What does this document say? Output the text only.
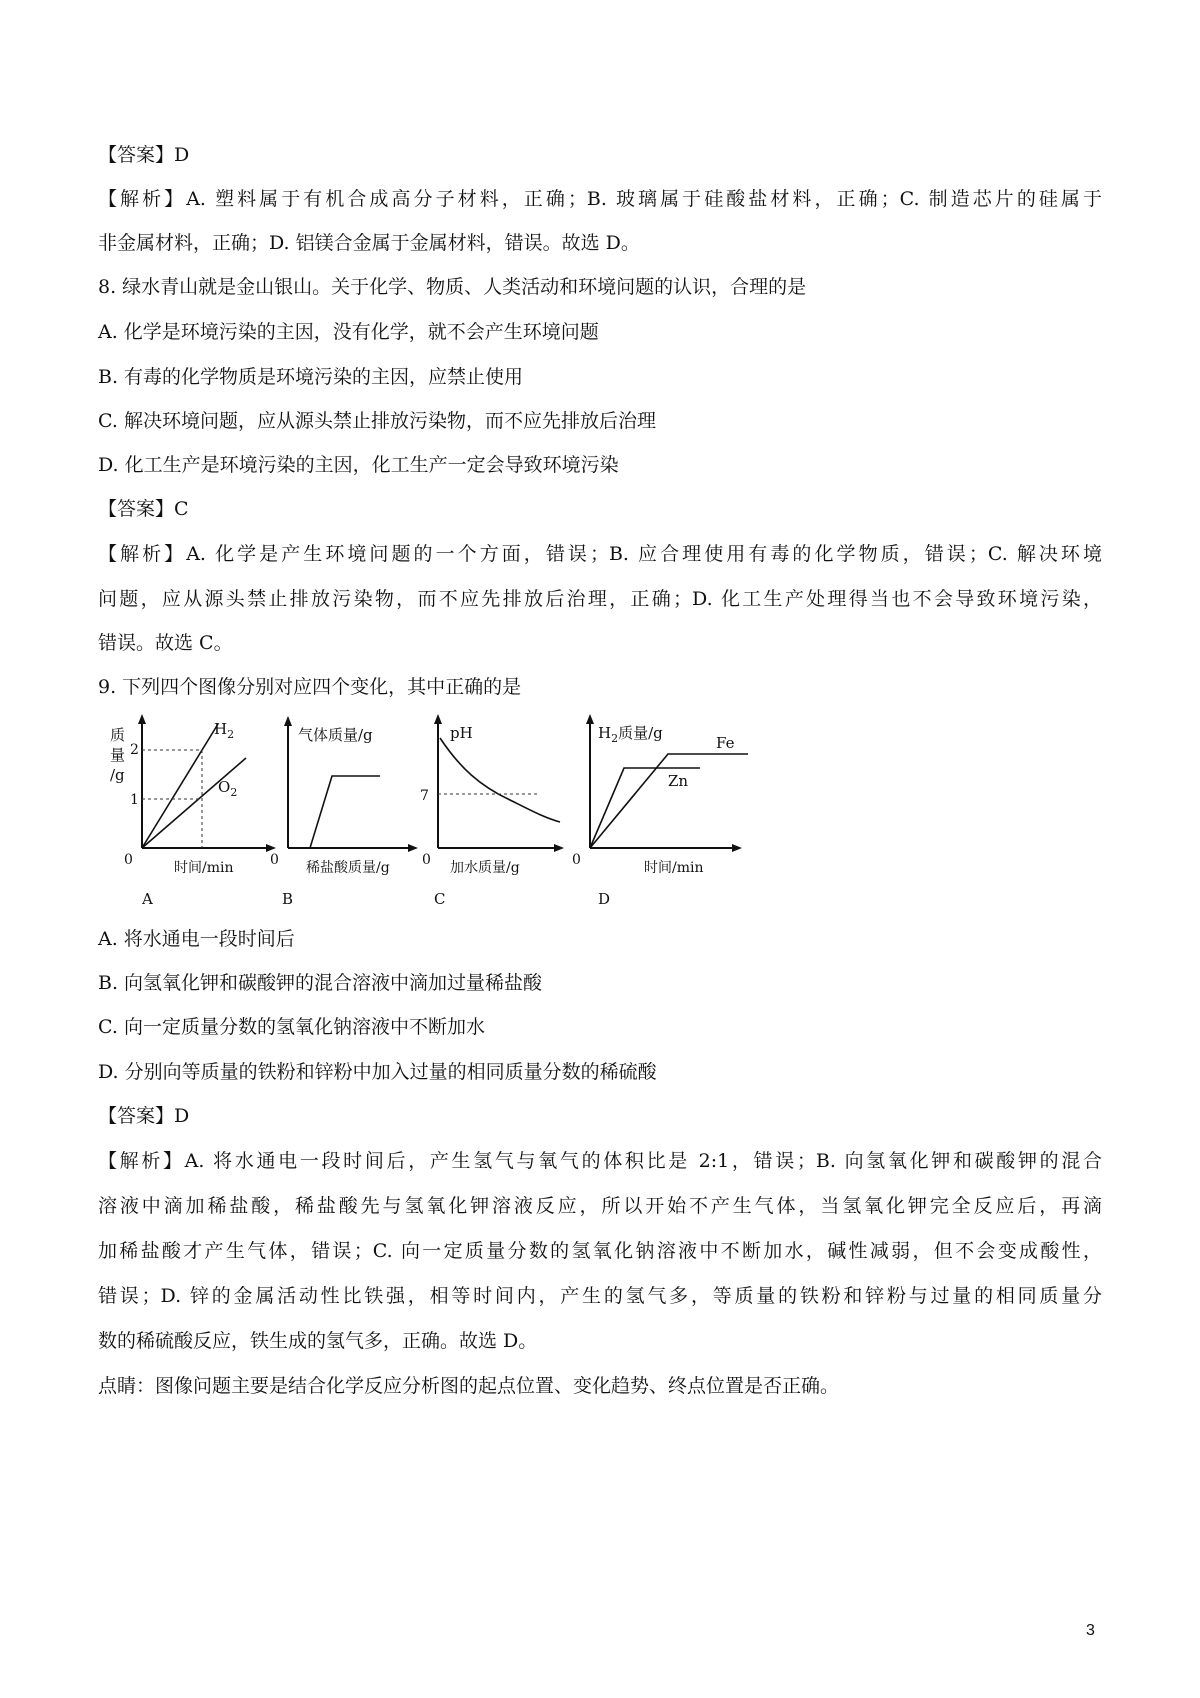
【答案】D
【解析】A. 塑料属于有机合成高分子材料，正确；B. 玻璃属于硅酸盐材料，正确；C. 制造芯片的硅属于
非金属材料，正确；D. 铝镁合金属于金属材料，错误。故选 D。
8. 绿水青山就是金山银山。关于化学、物质、人类活动和环境问题的认识，合理的是
A. 化学是环境污染的主因，没有化学，就不会产生环境问题
B. 有毒的化学物质是环境污染的主因，应禁止使用
C. 解决环境问题，应从源头禁止排放污染物，而不应先排放后治理
D. 化工生产是环境污染的主因，化工生产一定会导致环境污染
【答案】C
【解析】A. 化学是产生环境问题的一个方面，错误；B. 应合理使用有毒的化学物质，错误；C. 解决环境
问题，应从源头禁止排放污染物，而不应先排放后治理，正确；D. 化工生产处理得当也不会导致环境污染，
错误。故选 C。
9. 下列四个图像分别对应四个变化，其中正确的是
质
量
/g
2
1
0
$H_2$
$O_2$
时间/min
A
气体质量/g
0 稀盐酸质量/g
B
pH
7
0 加水质量/g
C
$H_2$质量/g
Fe
Zn
0	时间/min
D
A. 将水通电一段时间后
B. 向氢氧化钾和碳酸钾的混合溶液中滴加过量稀盐酸
C. 向一定质量分数的氢氧化钠溶液中不断加水
D. 分别向等质量的铁粉和锌粉中加入过量的相同质量分数的稀硫酸
【答案】D
【解析】A. 将水通电一段时间后，产生氢气与氧气的体积比是 2:1，错误；B. 向氢氧化钾和碳酸钾的混合
溶液中滴加稀盐酸，稀盐酸先与氢氧化钾溶液反应，所以开始不产生气体，当氢氧化钾完全反应后，再滴
加稀盐酸才产生气体，错误；C. 向一定质量分数的氢氧化钠溶液中不断加水，碱性减弱，但不会变成酸性，
错误；D. 锌的金属活动性比铁强，相等时间内，产生的氢气多，等质量的铁粉和锌粉与过量的相同质量分
数的稀硫酸反应，铁生成的氢气多，正确。故选 D。
点睛：图像问题主要是结合化学反应分析图的起点位置、变化趋势、终点位置是否正确。
3
